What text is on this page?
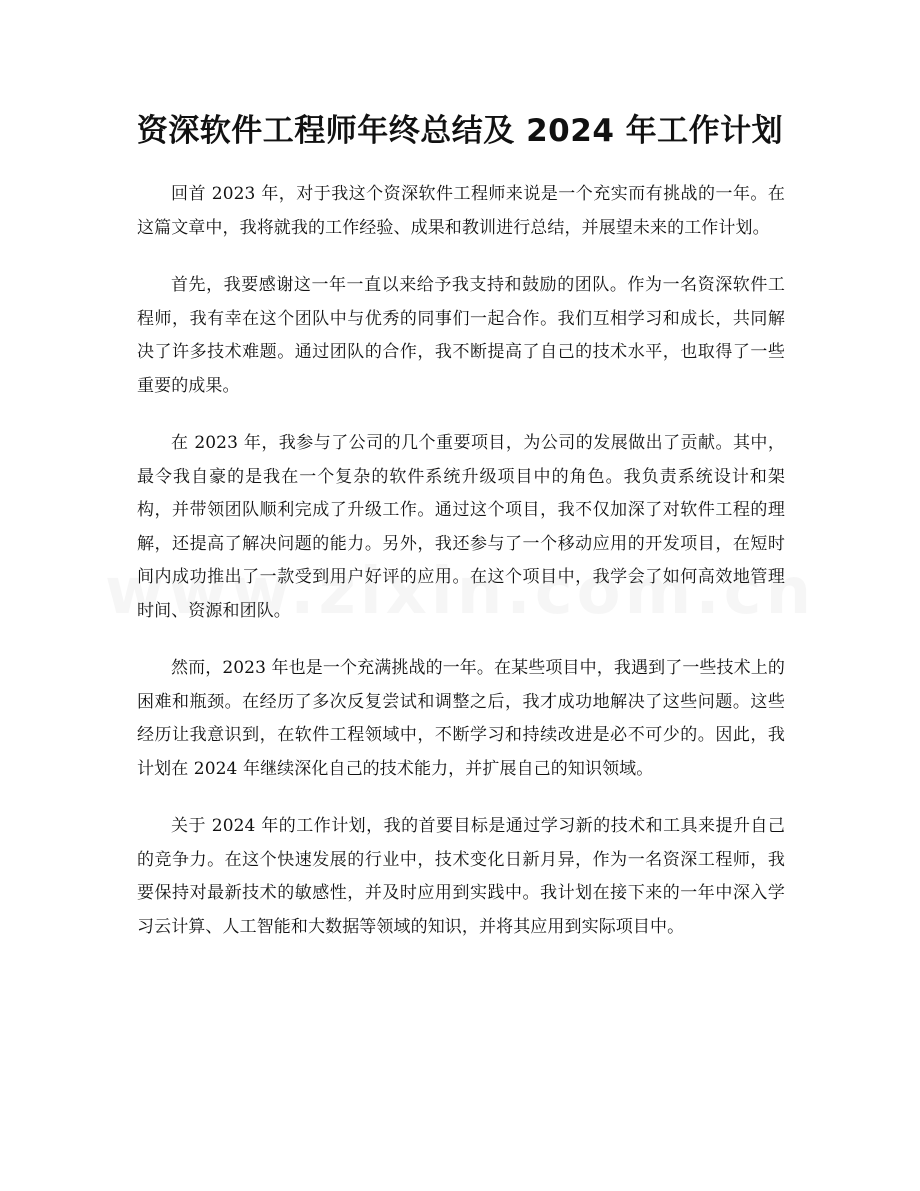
资深软件工程师年终总结及 2024 年工作计划

回首 2023 年，对于我这个资深软件工程师来说是一个充实而有挑战的一年。在这篇文章中，我将就我的工作经验、成果和教训进行总结，并展望未来的工作计划。

首先，我要感谢这一年一直以来给予我支持和鼓励的团队。作为一名资深软件工程师，我有幸在这个团队中与优秀的同事们一起合作。我们互相学习和成长，共同解决了许多技术难题。通过团队的合作，我不断提高了自己的技术水平，也取得了一些重要的成果。

在 2023 年，我参与了公司的几个重要项目，为公司的发展做出了贡献。其中，最令我自豪的是我在一个复杂的软件系统升级项目中的角色。我负责系统设计和架构，并带领团队顺利完成了升级工作。通过这个项目，我不仅加深了对软件工程的理解，还提高了解决问题的能力。另外，我还参与了一个移动应用的开发项目，在短时间内成功推出了一款受到用户好评的应用。在这个项目中，我学会了如何高效地管理时间、资源和团队。

然而，2023 年也是一个充满挑战的一年。在某些项目中，我遇到了一些技术上的困难和瓶颈。在经历了多次反复尝试和调整之后，我才成功地解决了这些问题。这些经历让我意识到，在软件工程领域中，不断学习和持续改进是必不可少的。因此，我计划在 2024 年继续深化自己的技术能力，并扩展自己的知识领域。

关于 2024 年的工作计划，我的首要目标是通过学习新的技术和工具来提升自己的竞争力。在这个快速发展的行业中，技术变化日新月异，作为一名资深工程师，我要保持对最新技术的敏感性，并及时应用到实践中。我计划在接下来的一年中深入学习云计算、人工智能和大数据等领域的知识，并将其应用到实际项目中。
